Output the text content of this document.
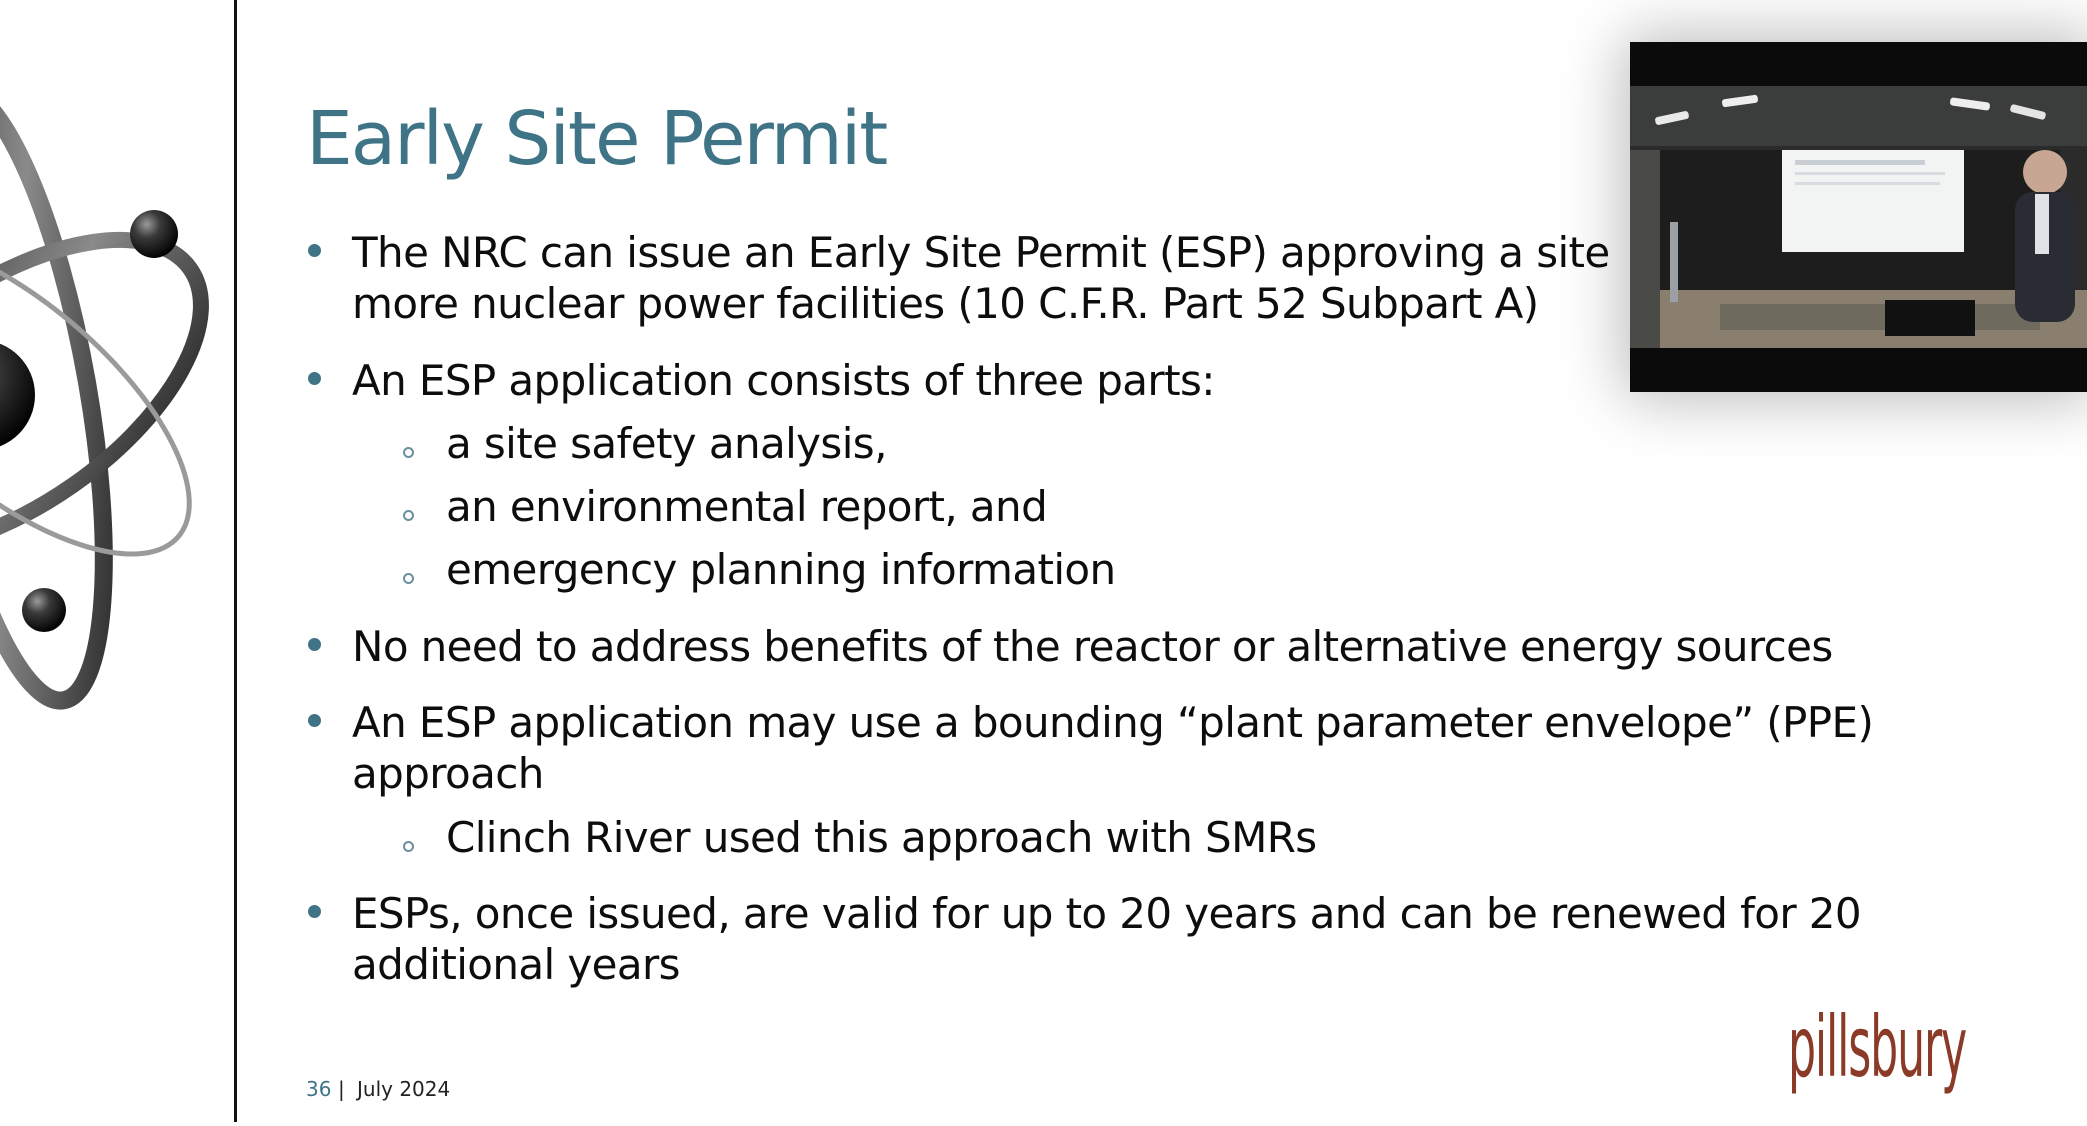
Early Site Permit
The NRC can issue an Early Site Permit (ESP) approving a site
more nuclear power facilities (10 C.F.R. Part 52 Subpart A)
An ESP application consists of three parts:
a site safety analysis,
an environmental report, and
emergency planning information
No need to address benefits of the reactor or alternative energy sources
An ESP application may use a bounding “plant parameter envelope” (PPE)
approach
Clinch River used this approach with SMRs
ESPs, once issued, are valid for up to 20 years and can be renewed for 20
additional years
36 | July 2024	pillsbury
